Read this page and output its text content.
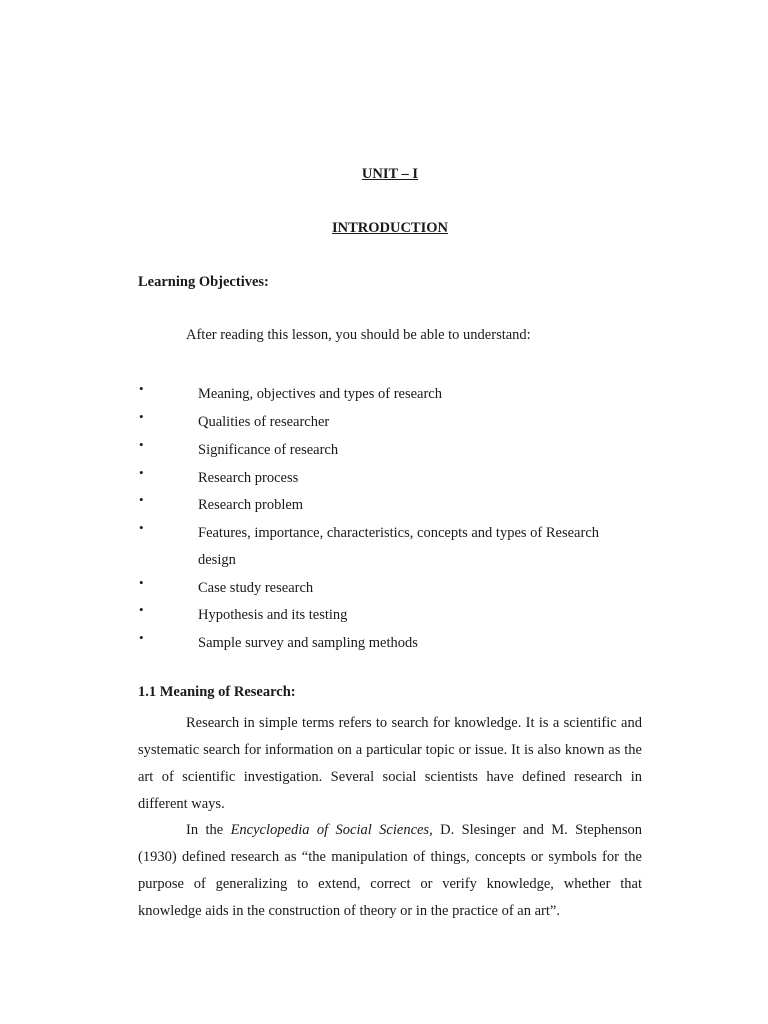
UNIT – I
INTRODUCTION
Learning Objectives:
After reading this lesson, you should be able to understand:
•	Meaning, objectives and types of research
•	Qualities of researcher
•	Significance of research
•	Research process
•	Research problem
•	Features, importance, characteristics, concepts and types of Research design
•	Case study research
•	Hypothesis and its testing
•	Sample survey and sampling methods
1.1 Meaning of Research:

Research in simple terms refers to search for knowledge. It is a scientific and systematic search for information on a particular topic or issue. It is also known as the art of scientific investigation. Several social scientists have defined research in different ways.

In the Encyclopedia of Social Sciences, D. Slesinger and M. Stephenson (1930) defined research as “the manipulation of things, concepts or symbols for the purpose of generalizing to extend, correct or verify knowledge, whether that knowledge aids in the construction of theory or in the practice of an art”.
